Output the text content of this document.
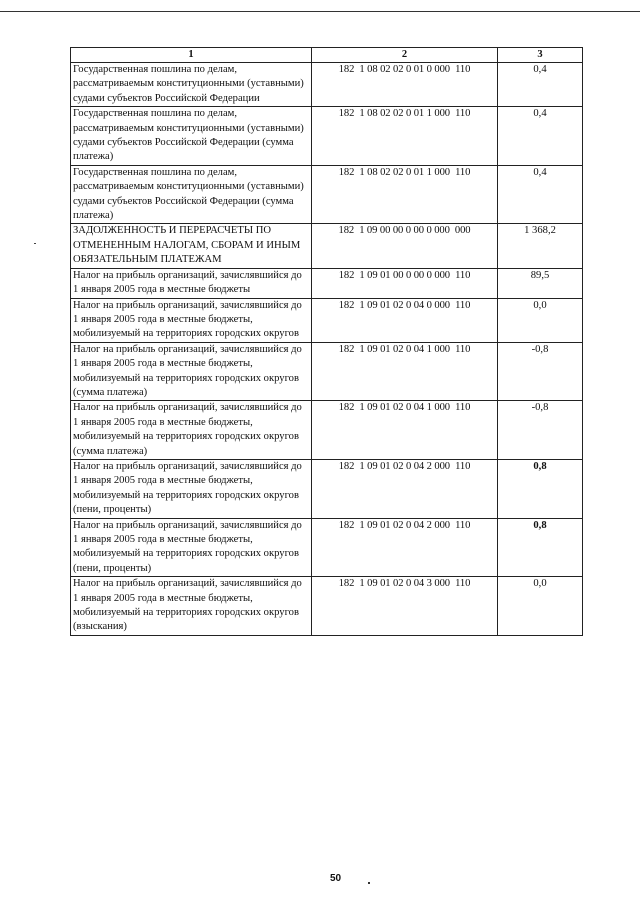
1	2	3
Государственная пошлина по делам, рассматриваемым конституционными (уставными) судами субъектов Российской Федерации	182  1 08 02 02 0 01 0 000  110	0,4
Государственная пошлина по делам, рассматриваемым конституционными (уставными) судами субъектов Российской Федерации (сумма платежа)	182  1 08 02 02 0 01 1 000  110	0,4
Государственная пошлина по делам, рассматриваемым конституционными (уставными) судами субъектов Российской Федерации (сумма платежа)	182  1 08 02 02 0 01 1 000  110	0,4
ЗАДОЛЖЕННОСТЬ И ПЕРЕРАСЧЕТЫ ПО ОТМЕНЕННЫМ НАЛОГАМ, СБОРАМ И ИНЫМ ОБЯЗАТЕЛЬНЫМ ПЛАТЕЖАМ	182  1 09 00 00 0 00 0 000  000	1 368,2
Налог на прибыль организаций, зачислявшийся до 1 января 2005 года в местные бюджеты	182  1 09 01 00 0 00 0 000  110	89,5
Налог на прибыль организаций, зачислявшийся до 1 января 2005 года в местные бюджеты, мобилизуемый на территориях городских округов	182  1 09 01 02 0 04 0 000  110	0,0
Налог на прибыль организаций, зачислявшийся до 1 января 2005 года в местные бюджеты, мобилизуемый на территориях городских округов (сумма платежа)	182  1 09 01 02 0 04 1 000  110	-0,8
Налог на прибыль организаций, зачислявшийся до 1 января 2005 года в местные бюджеты, мобилизуемый на территориях городских округов (сумма платежа)	182  1 09 01 02 0 04 1 000  110	-0,8
Налог на прибыль организаций, зачислявшийся до 1 января 2005 года в местные бюджеты, мобилизуемый на территориях городских округов (пени, проценты)	182  1 09 01 02 0 04 2 000  110	0,8
Налог на прибыль организаций, зачислявшийся до 1 января 2005 года в местные бюджеты, мобилизуемый на территориях городских округов (пени, проценты)	182  1 09 01 02 0 04 2 000  110	0,8
Налог на прибыль организаций, зачислявшийся до 1 января 2005 года в местные бюджеты, мобилизуемый на территориях городских округов (взыскания)	182  1 09 01 02 0 04 3 000  110	0,0
50
